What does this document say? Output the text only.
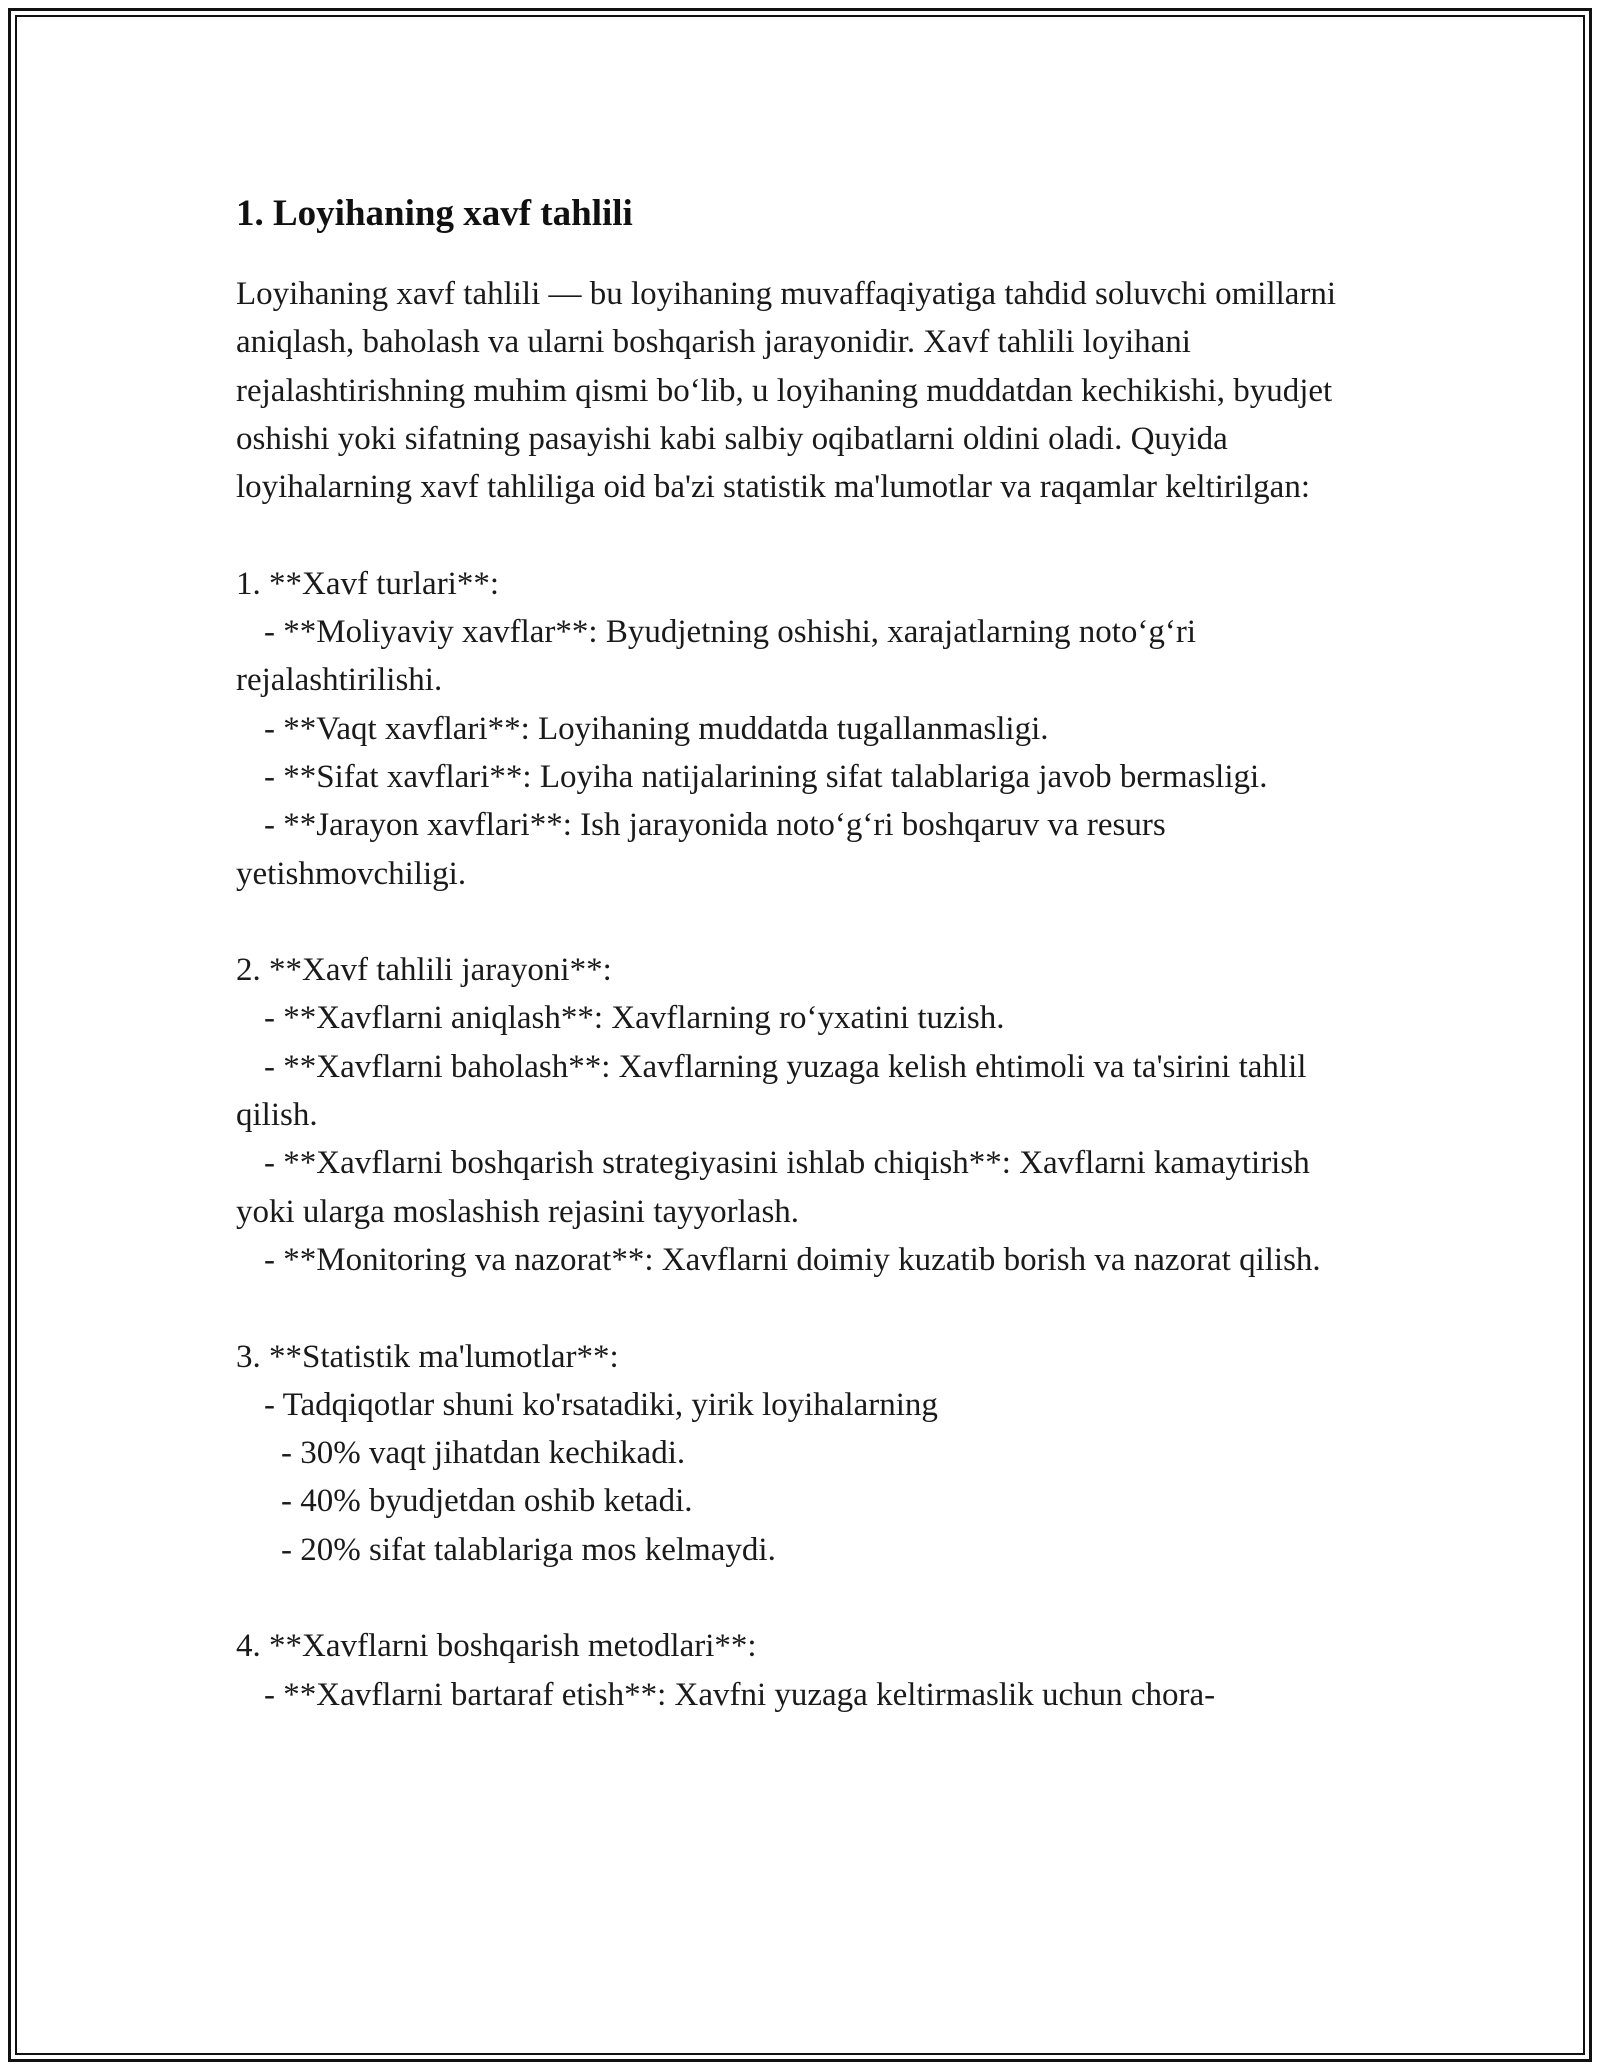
1. Loyihaning xavf tahlili

Loyihaning xavf tahlili — bu loyihaning muvaffaqiyatiga tahdid soluvchi omillarni aniqlash, baholash va ularni boshqarish jarayonidir. Xavf tahlili loyihani rejalashtirishning muhim qismi bo‘lib, u loyihaning muddatdan kechikishi, byudjet oshishi yoki sifatning pasayishi kabi salbiy oqibatlarni oldini oladi. Quyida loyihalarning xavf tahliliga oid ba'zi statistik ma'lumotlar va raqamlar keltirilgan:

1. **Xavf turlari**:

- **Moliyaviy xavflar**: Byudjetning oshishi, xarajatlarning noto‘g‘ri rejalashtirilishi.

- **Vaqt xavflari**: Loyihaning muddatda tugallanmasligi.

- **Sifat xavflari**: Loyiha natijalarining sifat talablariga javob bermasligi.

- **Jarayon xavflari**: Ish jarayonida noto‘g‘ri boshqaruv va resurs yetishmovchiligi.

2. **Xavf tahlili jarayoni**:

- **Xavflarni aniqlash**: Xavflarning ro‘yxatini tuzish.

- **Xavflarni baholash**: Xavflarning yuzaga kelish ehtimoli va ta'sirini tahlil qilish.

- **Xavflarni boshqarish strategiyasini ishlab chiqish**: Xavflarni kamaytirish yoki ularga moslashish rejasini tayyorlash.

- **Monitoring va nazorat**: Xavflarni doimiy kuzatib borish va nazorat qilish.

3. **Statistik ma'lumotlar**:

- Tadqiqotlar shuni ko'rsatadiki, yirik loyihalarning

- 30% vaqt jihatdan kechikadi.

- 40% byudjetdan oshib ketadi.

- 20% sifat talablariga mos kelmaydi.

4. **Xavflarni boshqarish metodlari**:

- **Xavflarni bartaraf etish**: Xavfni yuzaga keltirmaslik uchun chora-
